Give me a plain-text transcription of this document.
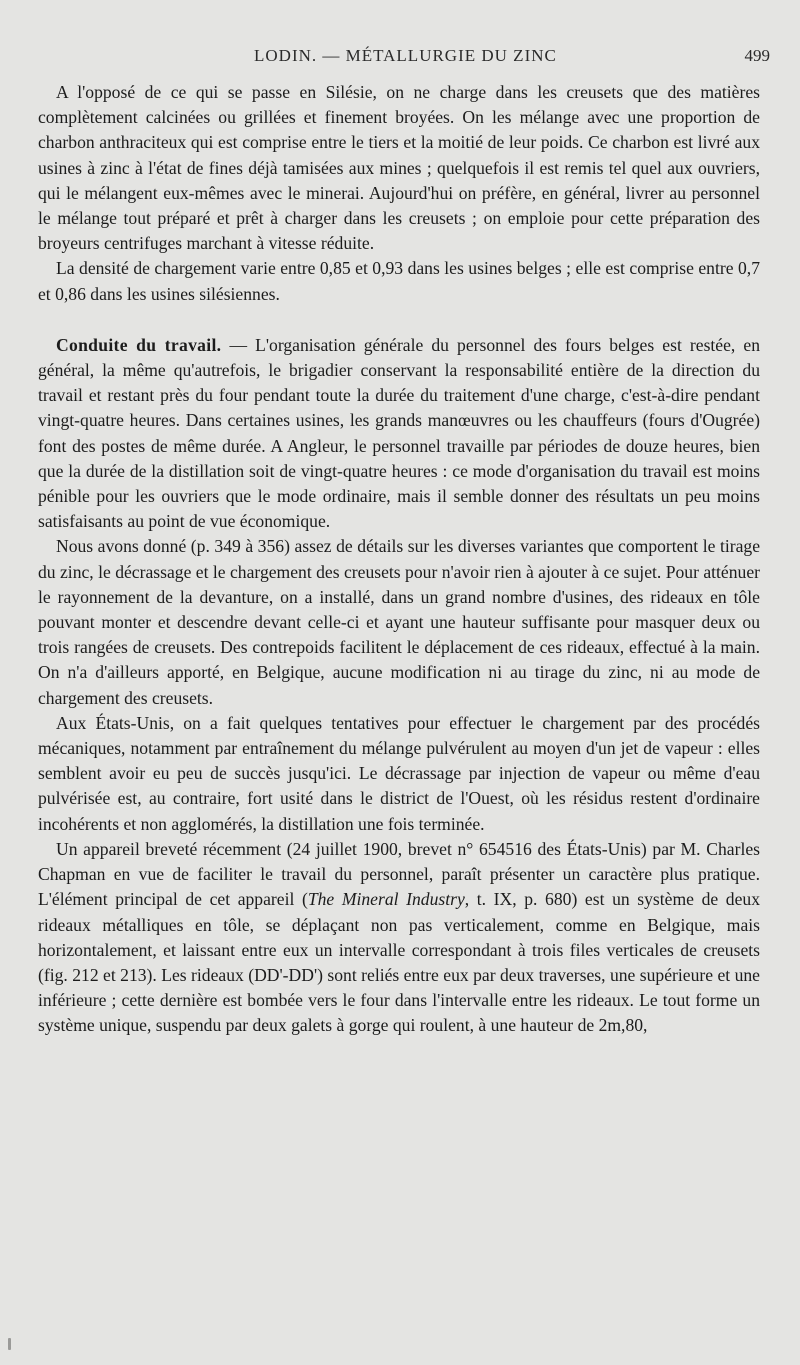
LODIN. — MÉTALLURGIE DU ZINC	499

A l'opposé de ce qui se passe en Silésie, on ne charge dans les creusets que des matières complètement calcinées ou grillées et finement broyées. On les mélange avec une proportion de charbon anthraciteux qui est comprise entre le tiers et la moitié de leur poids. Ce charbon est livré aux usines à zinc à l'état de fines déjà tamisées aux mines ; quelquefois il est remis tel quel aux ouvriers, qui le mélangent eux-mêmes avec le minerai. Aujourd'hui on préfère, en général, livrer au personnel le mélange tout préparé et prêt à charger dans les creusets ; on emploie pour cette préparation des broyeurs centrifuges marchant à vitesse réduite.

La densité de chargement varie entre 0,85 et 0,93 dans les usines belges ; elle est comprise entre 0,7 et 0,86 dans les usines silésiennes.

Conduite du travail. — L'organisation générale du personnel des fours belges est restée, en général, la même qu'autrefois, le brigadier conservant la responsabilité entière de la direction du travail et restant près du four pendant toute la durée du traitement d'une charge, c'est-à-dire pendant vingt-quatre heures. Dans certaines usines, les grands manœuvres ou les chauffeurs (fours d'Ougrée) font des postes de même durée. A Angleur, le personnel travaille par périodes de douze heures, bien que la durée de la distillation soit de vingt-quatre heures : ce mode d'organisation du travail est moins pénible pour les ouvriers que le mode ordinaire, mais il semble donner des résultats un peu moins satisfaisants au point de vue économique.

Nous avons donné (p. 349 à 356) assez de détails sur les diverses variantes que comportent le tirage du zinc, le décrassage et le chargement des creusets pour n'avoir rien à ajouter à ce sujet. Pour atténuer le rayonnement de la devanture, on a installé, dans un grand nombre d'usines, des rideaux en tôle pouvant monter et descendre devant celle-ci et ayant une hauteur suffisante pour masquer deux ou trois rangées de creusets. Des contrepoids facilitent le déplacement de ces rideaux, effectué à la main. On n'a d'ailleurs apporté, en Belgique, aucune modification ni au tirage du zinc, ni au mode de chargement des creusets.

Aux États-Unis, on a fait quelques tentatives pour effectuer le chargement par des procédés mécaniques, notamment par entraînement du mélange pulvérulent au moyen d'un jet de vapeur : elles semblent avoir eu peu de succès jusqu'ici. Le décrassage par injection de vapeur ou même d'eau pulvérisée est, au contraire, fort usité dans le district de l'Ouest, où les résidus restent d'ordinaire incohérents et non agglomérés, la distillation une fois terminée.

Un appareil breveté récemment (24 juillet 1900, brevet n° 654516 des États-Unis) par M. Charles Chapman en vue de faciliter le travail du personnel, paraît présenter un caractère plus pratique. L'élément principal de cet appareil (The Mineral Industry, t. IX, p. 680) est un système de deux rideaux métalliques en tôle, se déplaçant non pas verticalement, comme en Belgique, mais horizontalement, et laissant entre eux un intervalle correspondant à trois files verticales de creusets (fig. 212 et 213). Les rideaux (DD'-DD') sont reliés entre eux par deux traverses, une supérieure et une inférieure ; cette dernière est bombée vers le four dans l'intervalle entre les rideaux. Le tout forme un système unique, suspendu par deux galets à gorge qui roulent, à une hauteur de 2m,80,
